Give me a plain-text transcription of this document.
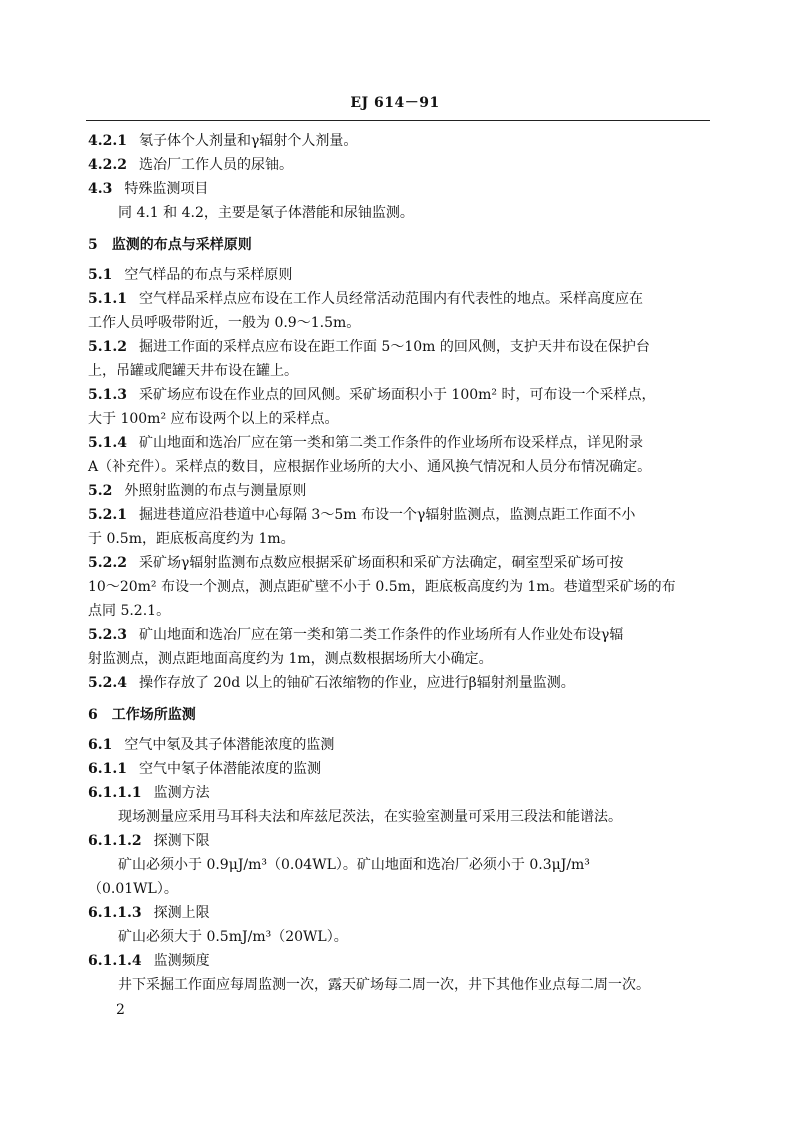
EJ 614－91
4.2.1 氡子体个人剂量和γ辐射个人剂量。
4.2.2 选冶厂工作人员的尿铀。
4.3 特殊监测项目
同 4.1 和 4.2，主要是氡子体潜能和尿铀监测。
5 监测的布点与采样原则
5.1 空气样品的布点与采样原则
5.1.1 空气样品采样点应布设在工作人员经常活动范围内有代表性的地点。采样高度应在
工作人员呼吸带附近，一般为 0.9～1.5m。
5.1.2 掘进工作面的采样点应布设在距工作面 5～10m 的回风侧，支护天井布设在保护台
上，吊罐或爬罐天井布设在罐上。
5.1.3 采矿场应布设在作业点的回风侧。采矿场面积小于 100m² 时，可布设一个采样点，
大于 100m² 应布设两个以上的采样点。
5.1.4 矿山地面和选冶厂应在第一类和第二类工作条件的作业场所布设采样点，详见附录
A（补充件）。采样点的数目，应根据作业场所的大小、通风换气情况和人员分布情况确定。
5.2 外照射监测的布点与测量原则
5.2.1 掘进巷道应沿巷道中心每隔 3～5m 布设一个γ辐射监测点，监测点距工作面不小
于 0.5m，距底板高度约为 1m。
5.2.2 采矿场γ辐射监测布点数应根据采矿场面积和采矿方法确定，硐室型采矿场可按
10～20m² 布设一个测点，测点距矿壁不小于 0.5m，距底板高度约为 1m。巷道型采矿场的布
点同 5.2.1。
5.2.3 矿山地面和选冶厂应在第一类和第二类工作条件的作业场所有人作业处布设γ辐
射监测点，测点距地面高度约为 1m，测点数根据场所大小确定。
5.2.4 操作存放了 20d 以上的铀矿石浓缩物的作业，应进行β辐射剂量监测。
6 工作场所监测
6.1 空气中氡及其子体潜能浓度的监测
6.1.1 空气中氡子体潜能浓度的监测
6.1.1.1 监测方法
现场测量应采用马耳科夫法和库兹尼茨法，在实验室测量可采用三段法和能谱法。
6.1.1.2 探测下限
矿山必须小于 0.9μJ/m³（0.04WL）。矿山地面和选冶厂必须小于 0.3μJ/m³
（0.01WL）。
6.1.1.3 探测上限
矿山必须大于 0.5mJ/m³（20WL）。
6.1.1.4 监测频度
井下采掘工作面应每周监测一次，露天矿场每二周一次，井下其他作业点每二周一次。
2
